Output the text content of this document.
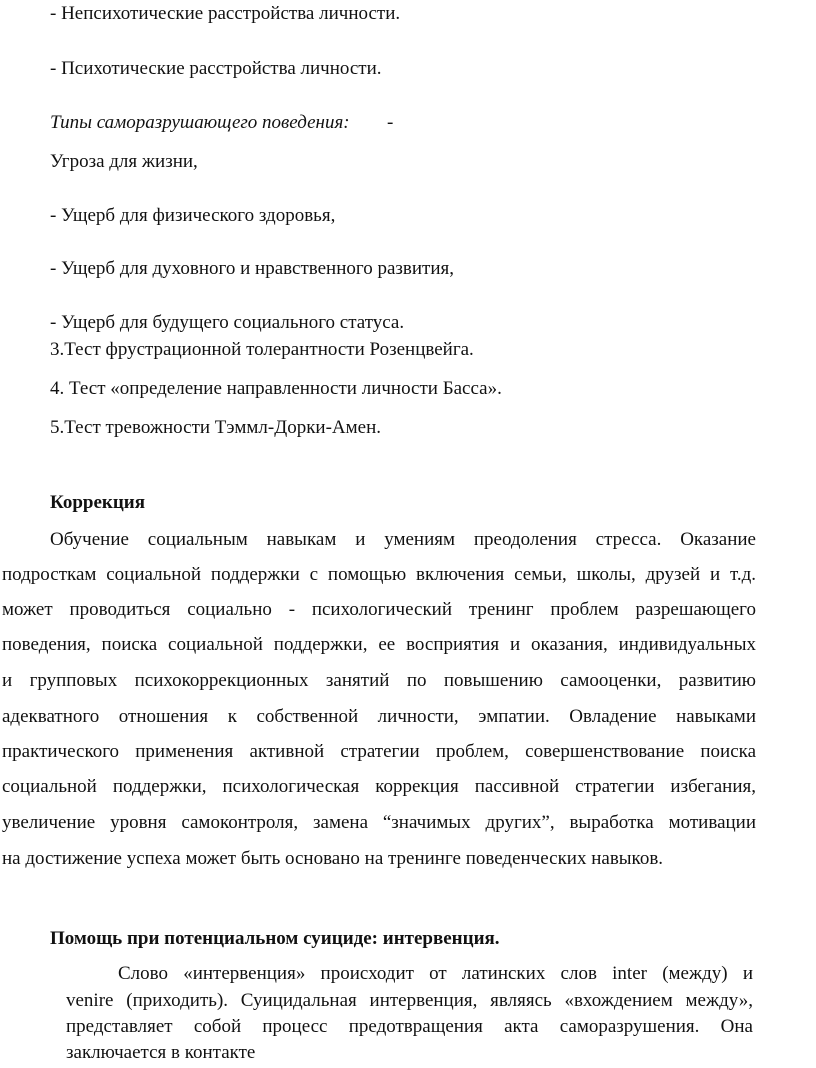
- Непсихотические расстройства личности.
- Психотические расстройства личности.
Типы саморазрушающего поведения: -
Угроза для жизни,
- Ущерб для физического здоровья,
- Ущерб для духовного и нравственного развития,
- Ущерб для будущего социального статуса.
3.Тест фрустрационной толерантности Розенцвейга.
4. Тест «определение направленности личности Басса».
5.Тест тревожности Тэммл-Дорки-Амен.
Коррекция
Обучение социальным навыкам и умениям преодоления стресса. Оказание
подросткам социальной поддержки с помощью включения семьи, школы, друзей и т.д.
может проводиться социально - психологический тренинг проблем разрешающего
поведения, поиска социальной поддержки, ее восприятия и оказания, индивидуальных
и групповых психокоррекционных занятий по повышению самооценки, развитию
адекватного отношения к собственной личности, эмпатии. Овладение навыками
практического применения активной стратегии проблем, совершенствование поиска
социальной поддержки, психологическая коррекция пассивной стратегии избегания,
увеличение уровня самоконтроля, замена “значимых других”, выработка мотивации
на достижение успеха может быть основано на тренинге поведенческих навыков.
Помощь при потенциальном суициде: интервенция.
Слово «интервенция» происходит от латинских слов inter (между) и
venire (приходить). Суицидальная интервенция, являясь «вхождением между»,
представляет собой процесс предотвращения акта саморазрушения. Она
заключается в контакте
